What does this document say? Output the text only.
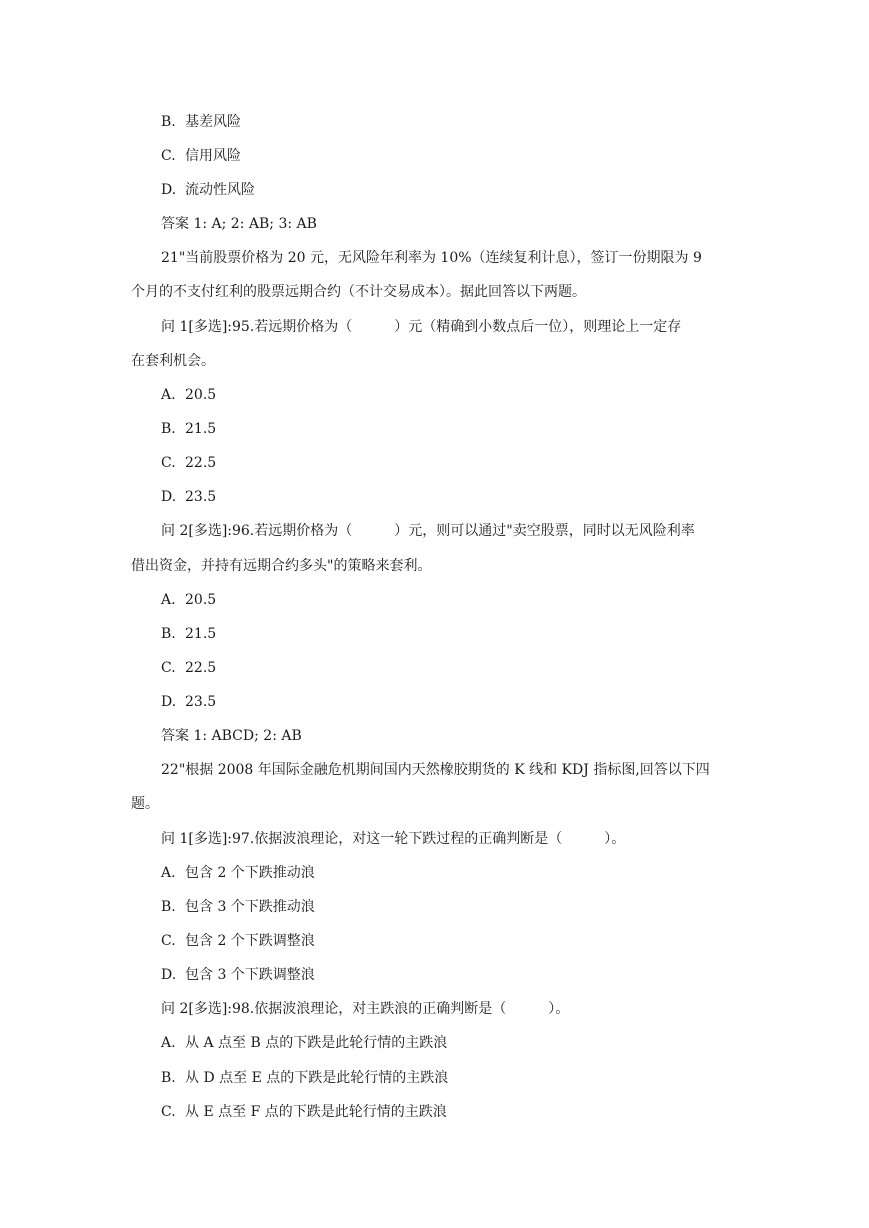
B. 基差风险
C. 信用风险
D. 流动性风险
答案 1: A; 2: AB; 3: AB
21"当前股票价格为 20 元，无风险年利率为 10%（连续复利计息），签订一份期限为 9
个月的不支付红利的股票远期合约（不计交易成本）。据此回答以下两题。
问 1[多选]:95.若远期价格为（　　　）元（精确到小数点后一位），则理论上一定存
在套利机会。
A. 20.5
B. 21.5
C. 22.5
D. 23.5
问 2[多选]:96.若远期价格为（　　　）元，则可以通过"卖空股票，同时以无风险利率
借出资金，并持有远期合约多头"的策略来套利。
A. 20.5
B. 21.5
C. 22.5
D. 23.5
答案 1: ABCD; 2: AB
22"根据 2008 年国际金融危机期间国内天然橡胶期货的 K 线和 KDJ 指标图,回答以下四
题。
问 1[多选]:97.依据波浪理论，对这一轮下跌过程的正确判断是（　　　）。
A. 包含 2 个下跌推动浪
B. 包含 3 个下跌推动浪
C. 包含 2 个下跌调整浪
D. 包含 3 个下跌调整浪
问 2[多选]:98.依据波浪理论，对主跌浪的正确判断是（　　　）。
A. 从 A 点至 B 点的下跌是此轮行情的主跌浪
B. 从 D 点至 E 点的下跌是此轮行情的主跌浪
C. 从 E 点至 F 点的下跌是此轮行情的主跌浪
